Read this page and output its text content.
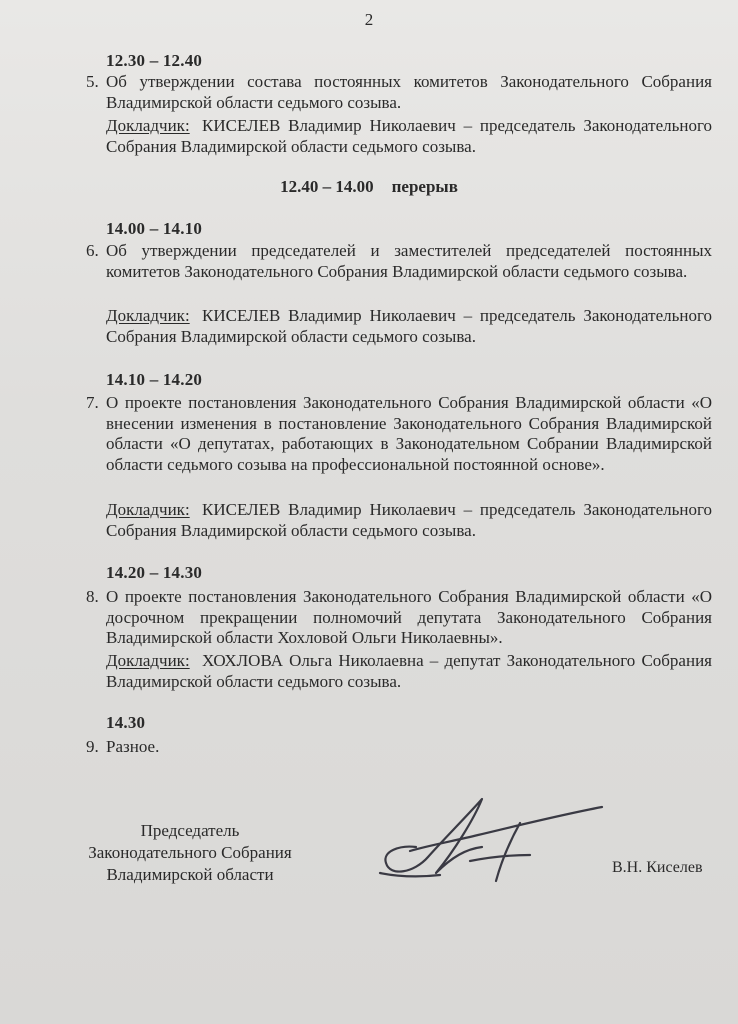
2
12.30 – 12.40
5. Об утверждении состава постоянных комитетов Законодательного Собрания Владимирской области седьмого созыва.
Докладчик: КИСЕЛЕВ Владимир Николаевич – председатель Законодательного Собрания Владимирской области седьмого созыва.
12.40 – 14.00 перерыв
14.00 – 14.10
6. Об утверждении председателей и заместителей председателей постоянных комитетов Законодательного Собрания Владимирской области седьмого созыва.
Докладчик: КИСЕЛЕВ Владимир Николаевич – председатель Законодательного Собрания Владимирской области седьмого созыва.
14.10 – 14.20
7. О проекте постановления Законодательного Собрания Владимирской области «О внесении изменения в постановление Законодательного Собрания Владимирской области «О депутатах, работающих в Законодательном Собрании Владимирской области седьмого созыва на профессиональной постоянной основе».
Докладчик: КИСЕЛЕВ Владимир Николаевич – председатель Законодательного Собрания Владимирской области седьмого созыва.
14.20 – 14.30
8. О проекте постановления Законодательного Собрания Владимирской области «О досрочном прекращении полномочий депутата Законодательного Собрания Владимирской области Хохловой Ольги Николаевны».
Докладчик: ХОХЛОВА Ольга Николаевна – депутат Законодательного Собрания Владимирской области седьмого созыва.
14.30
9. Разное.
Председатель
Законодательного Собрания
Владимирской области	В.Н. Киселев
